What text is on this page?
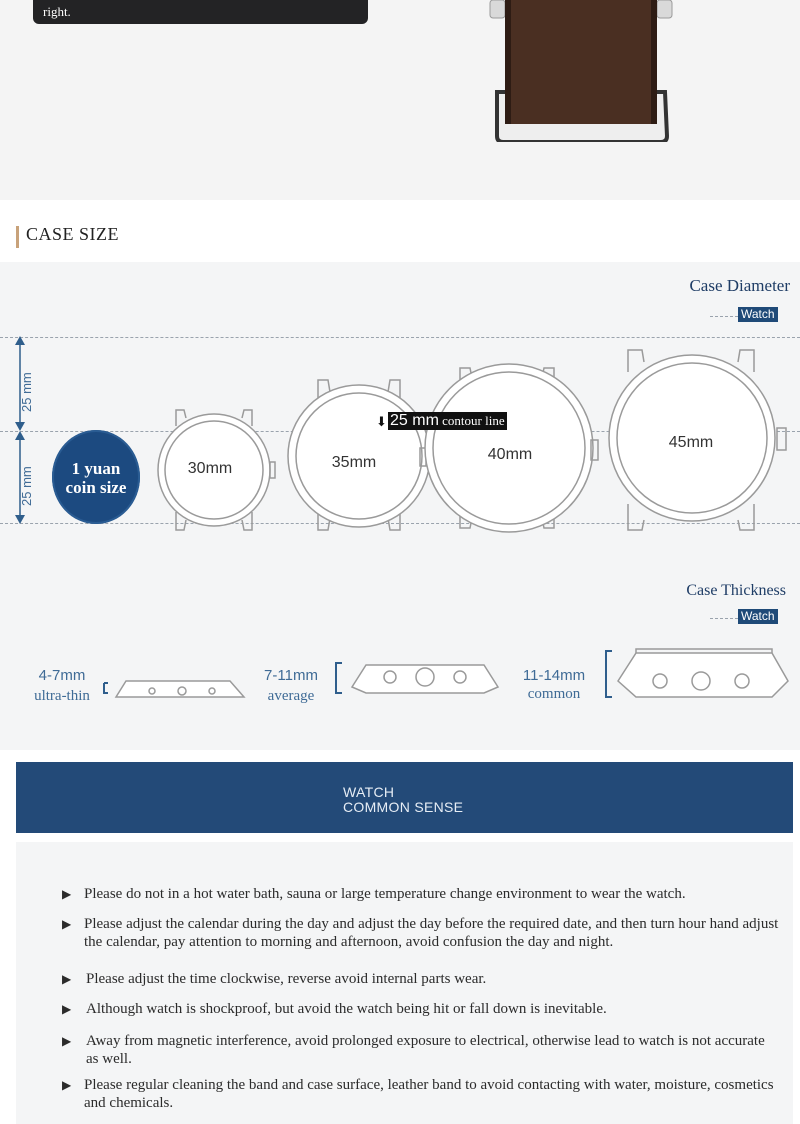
right.
CASE SIZE
Case Diameter
Watch
25 mm
25 mm	1 yuan
coin size
30mm	35mm	40mm
45mm
⬇ 25 mm contour line
Case Thickness
Watch
4-7mm
ultra-thin
7-11mm
average
11-14mm
common
WATCH
COMMON SENSE
▶ Please do not in a hot water bath, sauna or large temperature change environment to wear the watch.
▶ Please adjust the calendar during the day and adjust the day before the required date, and then turn hour hand adjust the calendar, pay attention to morning and afternoon, avoid confusion the day and night.
▶ Please adjust the time clockwise, reverse avoid internal parts wear.
▶ Although watch is shockproof, but avoid the watch being hit or fall down is inevitable.
▶ Away from magnetic interference, avoid prolonged exposure to electrical, otherwise lead to watch is not accurate as well.
▶ Please regular cleaning the band and case surface, leather band to avoid contacting with water, moisture, cosmetics and chemicals.
